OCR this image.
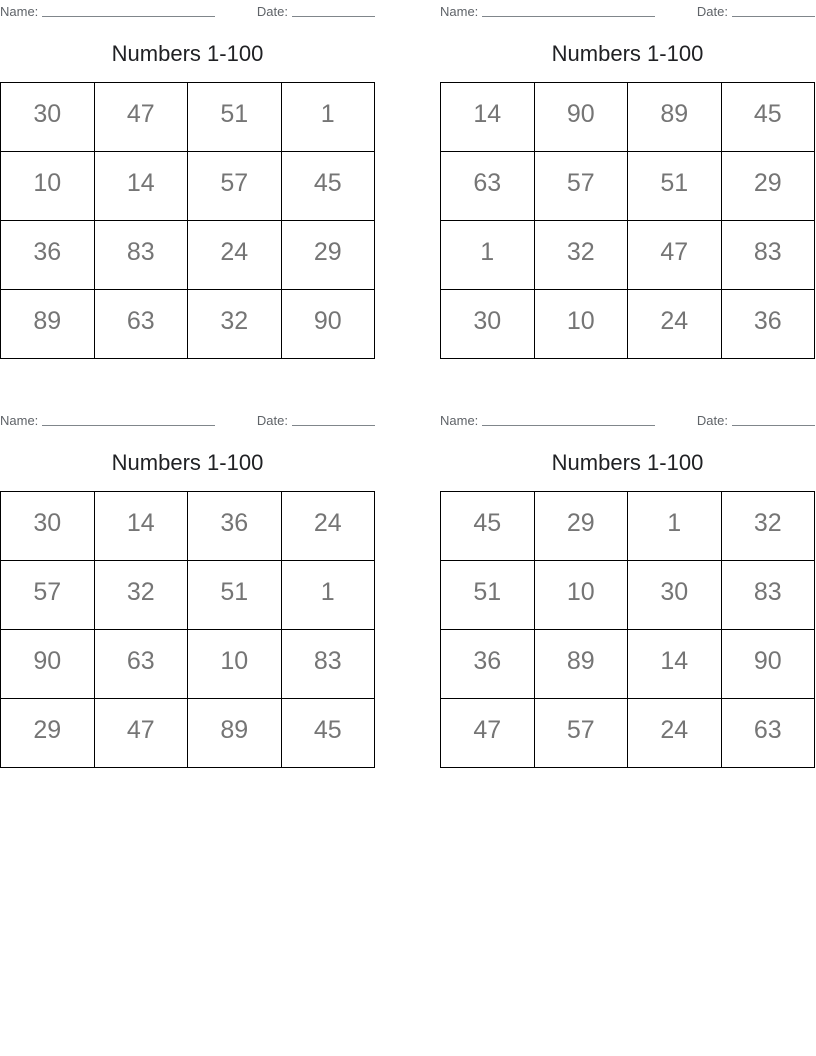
Name:	Date:
Numbers 1-100
30	47	51	1
10	14	57	45
36	83	24	29
89	63	32	90
Name:	Date:
Numbers 1-100
14	90	89	45
63	57	51	29
1	32	47	83
30	10	24	36
Name:	Date:
Numbers 1-100
30	14	36	24
57	32	51	1
90	63	10	83
29	47	89	45
Name:	Date:
Numbers 1-100
45	29	1	32
51	10	30	83
36	89	14	90
47	57	24	63
